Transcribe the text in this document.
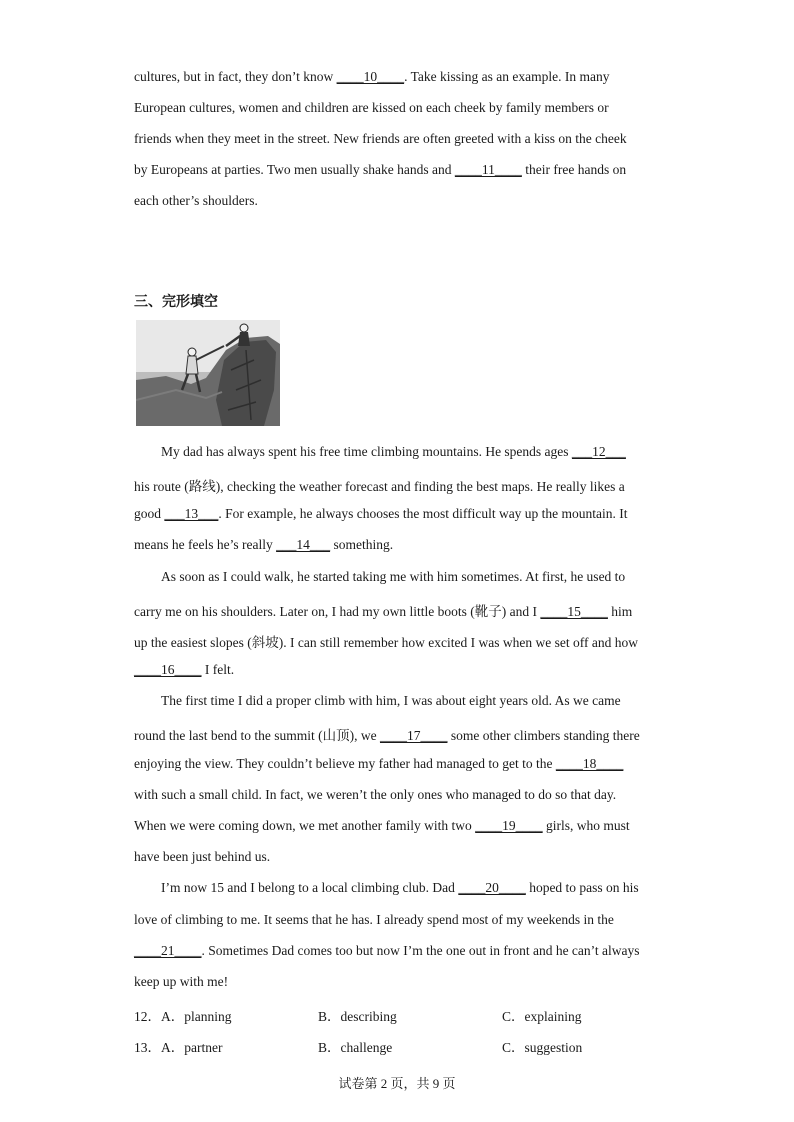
cultures, but in fact, they don’t know ____10____. Take kissing as an example. In many
European cultures, women and children are kissed on each cheek by family members or
friends when they meet in the street. New friends are often greeted with a kiss on the cheek
by Europeans at parties. Two men usually shake hands and ____11____ their free hands on
each other’s shoulders.
三、完形填空
My dad has always spent his free time climbing mountains. He spends ages ___12___
his route (路线), checking the weather forecast and finding the best maps. He really likes a
good ___13___. For example, he always chooses the most difficult way up the mountain. It
means he feels he’s really ___14___ something.
As soon as I could walk, he started taking me with him sometimes. At first, he used to
carry me on his shoulders. Later on, I had my own little boots (靴子) and I ____15____ him
up the easiest slopes (斜坡). I can still remember how excited I was when we set off and how
____16____ I felt.
The first time I did a proper climb with him, I was about eight years old. As we came
round the last bend to the summit (山顶), we ____17____ some other climbers standing there
enjoying the view. They couldn’t believe my father had managed to get to the ____18____
with such a small child. In fact, we weren’t the only ones who managed to do so that day.
When we were coming down, we met another family with two ____19____ girls, who must
have been just behind us.
I’m now 15 and I belong to a local climbing club. Dad ____20____ hoped to pass on his
love of climbing to me. It seems that he has. I already spend most of my weekends in the
____21____. Sometimes Dad comes too but now I’m the one out in front and he can’t always
keep up with me!
12． A．planning	B．describing	C．explaining
13． A．partner	B．challenge	C．suggestion
试卷第 2 页，共 9 页
